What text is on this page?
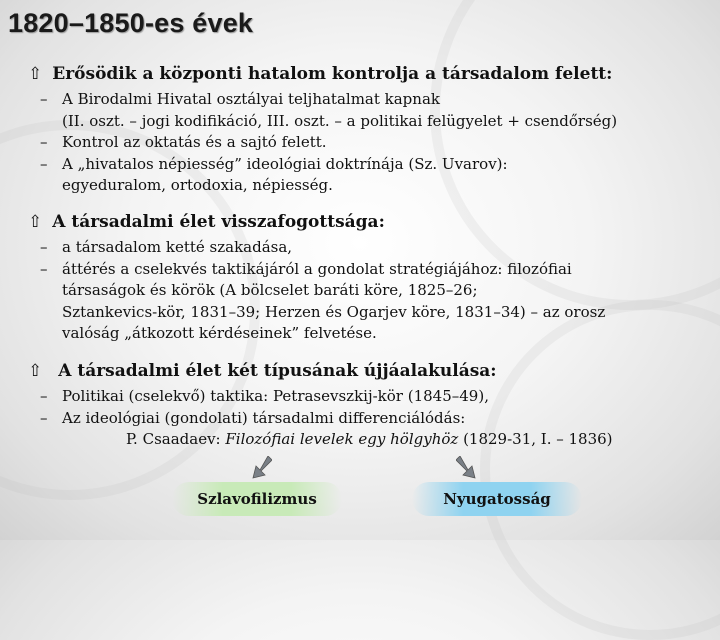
1820–1850-es évek
⇧ Erősödik a központi hatalom kontrolja a társadalom felett:
– A Birodalmi Hivatal osztályai teljhatalmat kapnak
(II. oszt. – jogi kodifikáció, III. oszt. – a politikai felügyelet + csendőrség)
– Kontrol az oktatás és a sajtó felett.
– A „hivatalos népiesség” ideológiai doktrínája (Sz. Uvarov):
egyeduralom, ortodoxia, népiesség.
⇧ A társadalmi élet visszafogottsága:
– a társadalom ketté szakadása,
– áttérés a cselekvés taktikájáról a gondolat stratégiájához: filozófiai
társaságok és körök (A bölcselet baráti köre, 1825–26;
Sztankevics-kör, 1831–39; Herzen és Ogarjev köre, 1831–34) – az orosz
valóság „átkozott kérdéseinek” felvetése.
⇧ A társadalmi élet két típusának újjáalakulása:
– Politikai (cselekvő) taktika: Petrasevszkij-kör (1845–49),
– Az ideológiai (gondolati) társadalmi differenciálódás:
P. Csaadaev: Filozófiai levelek egy hölgyhöz (1829-31, I. – 1836)
Szlavofilizmus	Nyugatosság
